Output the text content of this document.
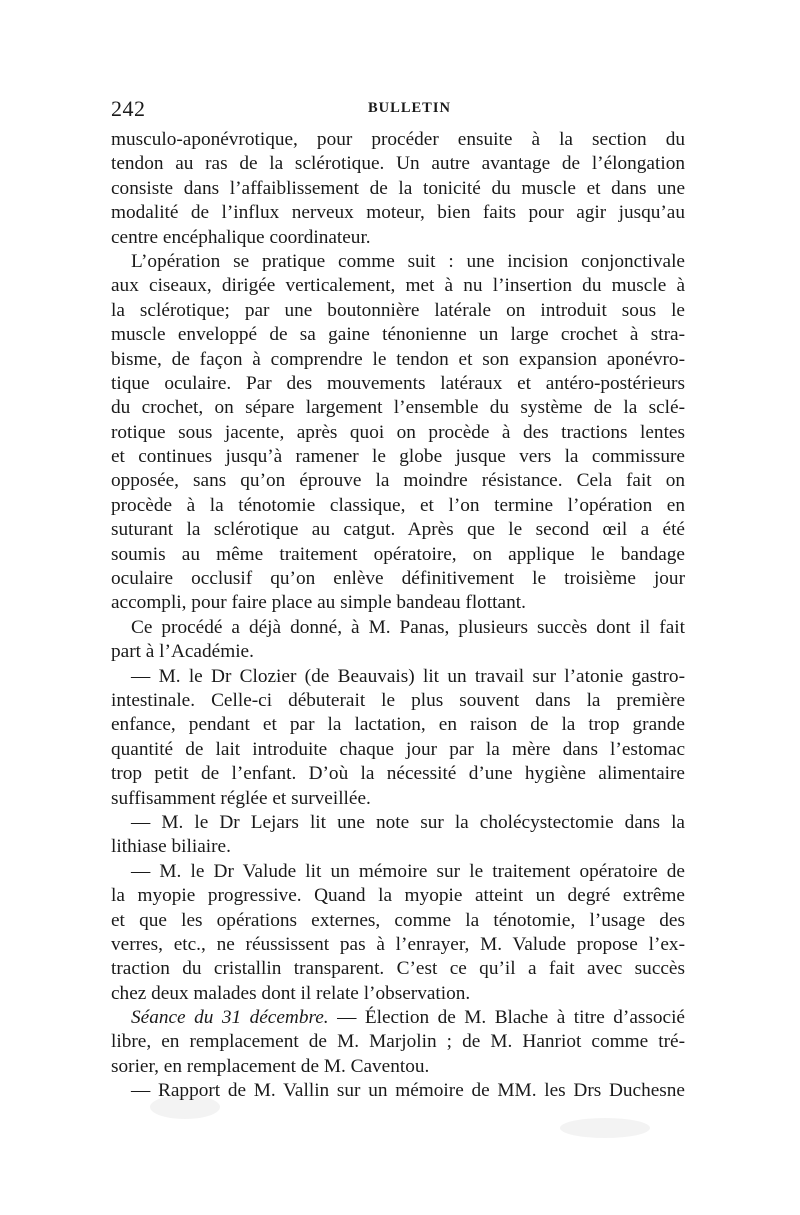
242	BULLETIN
musculo-aponévrotique, pour procéder ensuite à la section du
tendon au ras de la sclérotique. Un autre avantage de l’élongation
consiste dans l’affaiblissement de la tonicité du muscle et dans une
modalité de l’influx nerveux moteur, bien faits pour agir jusqu’au
centre encéphalique coordinateur.
L’opération se pratique comme suit : une incision conjonctivale
aux ciseaux, dirigée verticalement, met à nu l’insertion du muscle à
la sclérotique; par une boutonnière latérale on introduit sous le
muscle enveloppé de sa gaine ténonienne un large crochet à stra-
bisme, de façon à comprendre le tendon et son expansion aponévro-
tique oculaire. Par des mouvements latéraux et antéro-postérieurs
du crochet, on sépare largement l’ensemble du système de la sclé-
rotique sous jacente, après quoi on procède à des tractions lentes
et continues jusqu’à ramener le globe jusque vers la commissure
opposée, sans qu’on éprouve la moindre résistance. Cela fait on
procède à la ténotomie classique, et l’on termine l’opération en
suturant la sclérotique au catgut. Après que le second œil a été
soumis au même traitement opératoire, on applique le bandage
oculaire occlusif qu’on enlève définitivement le troisième jour
accompli, pour faire place au simple bandeau flottant.
Ce procédé a déjà donné, à M. Panas, plusieurs succès dont il fait
part à l’Académie.
— M. le Dr Clozier (de Beauvais) lit un travail sur l’atonie gastro-
intestinale. Celle-ci débuterait le plus souvent dans la première
enfance, pendant et par la lactation, en raison de la trop grande
quantité de lait introduite chaque jour par la mère dans l’estomac
trop petit de l’enfant. D’où la nécessité d’une hygiène alimentaire
suffisamment réglée et surveillée.
— M. le Dr Lejars lit une note sur la cholécystectomie dans la
lithiase biliaire.
— M. le Dr Valude lit un mémoire sur le traitement opératoire de
la myopie progressive. Quand la myopie atteint un degré extrême
et que les opérations externes, comme la ténotomie, l’usage des
verres, etc., ne réussissent pas à l’enrayer, M. Valude propose l’ex-
traction du cristallin transparent. C’est ce qu’il a fait avec succès
chez deux malades dont il relate l’observation.
Séance du 31 décembre. — Élection de M. Blache à titre d’associé
libre, en remplacement de M. Marjolin ; de M. Hanriot comme tré-
sorier, en remplacement de M. Caventou.
— Rapport de M. Vallin sur un mémoire de MM. les Drs Duchesne
